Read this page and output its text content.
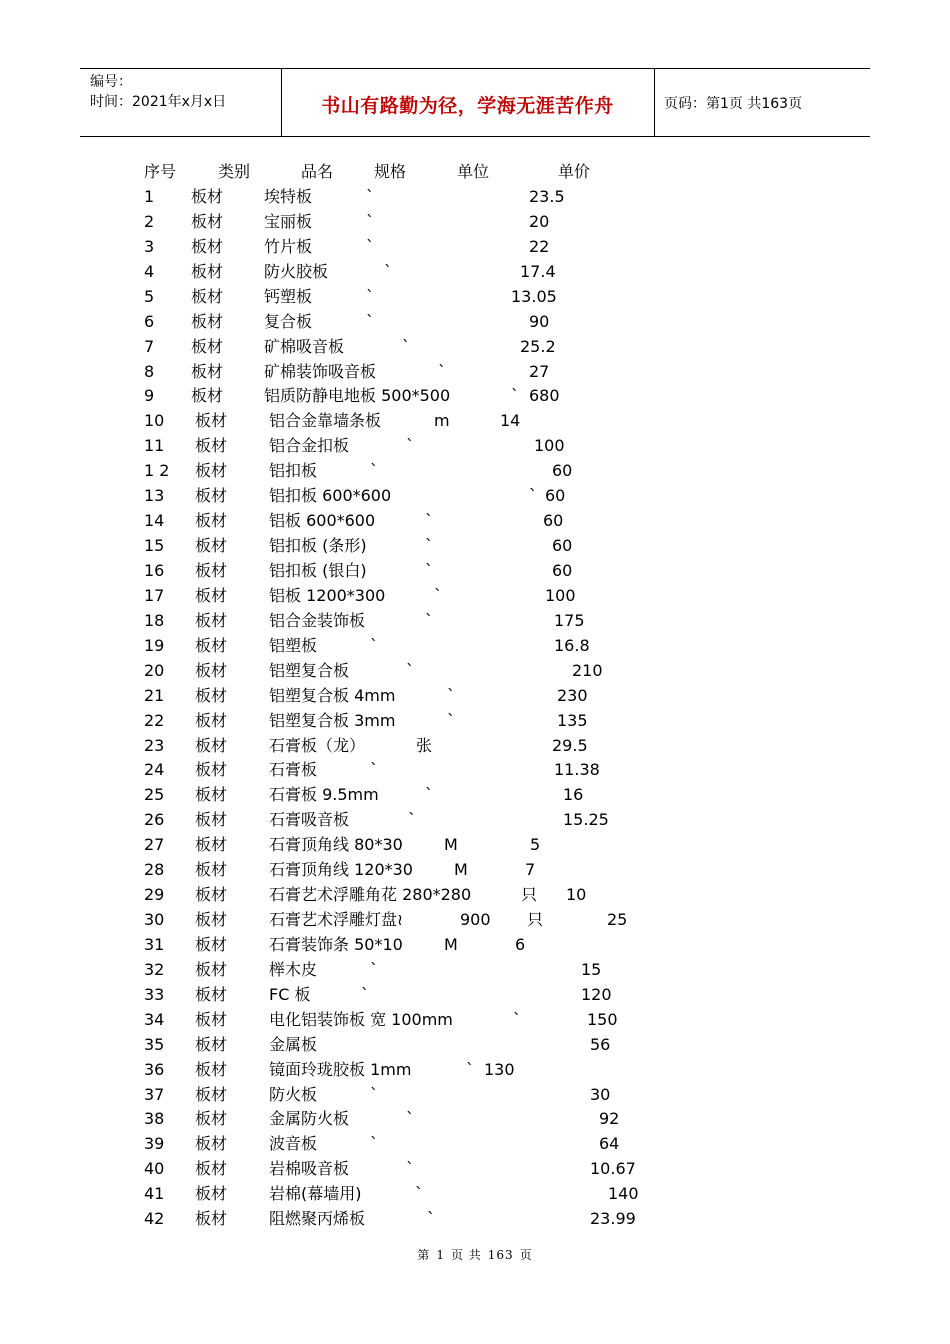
编号：
时间：2021年x月x日	书山有路勤为径，学海无涯苦作舟	页码：第1页 共163页
序号	类别	品名	规格	单位	单价
1 板材	埃特板	`	23.5
2 板材	宝丽板	`	20
3 板材	竹片板	`	22
4 板材	防火胶板	`	17.4
5 板材	钙塑板	`	13.05
6 板材	复合板	`	90
7 板材	矿棉吸音板	`	25.2
8 板材	矿棉装饰吸音板	`	27
9 板材	铝质防静电地板 500*500	` 680
10 板材	铝合金靠墙条板	m	14
11 板材	铝合金扣板	`	100
1 2 板材	铝扣板	`	60
13 板材	铝扣板 600*600	` 60
14 板材	铝板 600*600	`	60
15 板材	铝扣板 (条形)	`	60
16 板材	铝扣板 (银白)	`	60
17 板材	铝板 1200*300	`	100
18 板材	铝合金装饰板	`	175
19 板材	铝塑板	`	16.8
20 板材	铝塑复合板	`	210
21 板材	铝塑复合板 4mm	`	230
22 板材	铝塑复合板 3mm	`	135
23 板材	石膏板（龙）	张	29.5
24 板材	石膏板	`	11.38
25 板材	石膏板 9.5mm	`	16
26 板材	石膏吸音板	`	15.25
27 板材	石膏顶角线 80*30	M	5
28 板材	石膏顶角线 120*30	M	7
29 板材	石膏艺术浮雕角花 280*280	只 10
30 板材	石膏艺术浮雕灯盘≀	900 只	25
31 板材	石膏装饰条 50*10	M	6
32 板材	榉木皮	`	15
33 板材	FC 板	`	120
34 板材	电化铝装饰板 宽 100mm	`	150
35 板材	金属板	56
36 板材	镜面玲珑胶板 1mm	` 130
37 板材	防火板	`	30
38 板材	金属防火板	`	92
39 板材	波音板	`	64
40 板材	岩棉吸音板	`	10.67
41 板材	岩棉(幕墙用)	`	140
42 板材	阻燃聚丙烯板	`	23.99
第 1 页 共 163 页
